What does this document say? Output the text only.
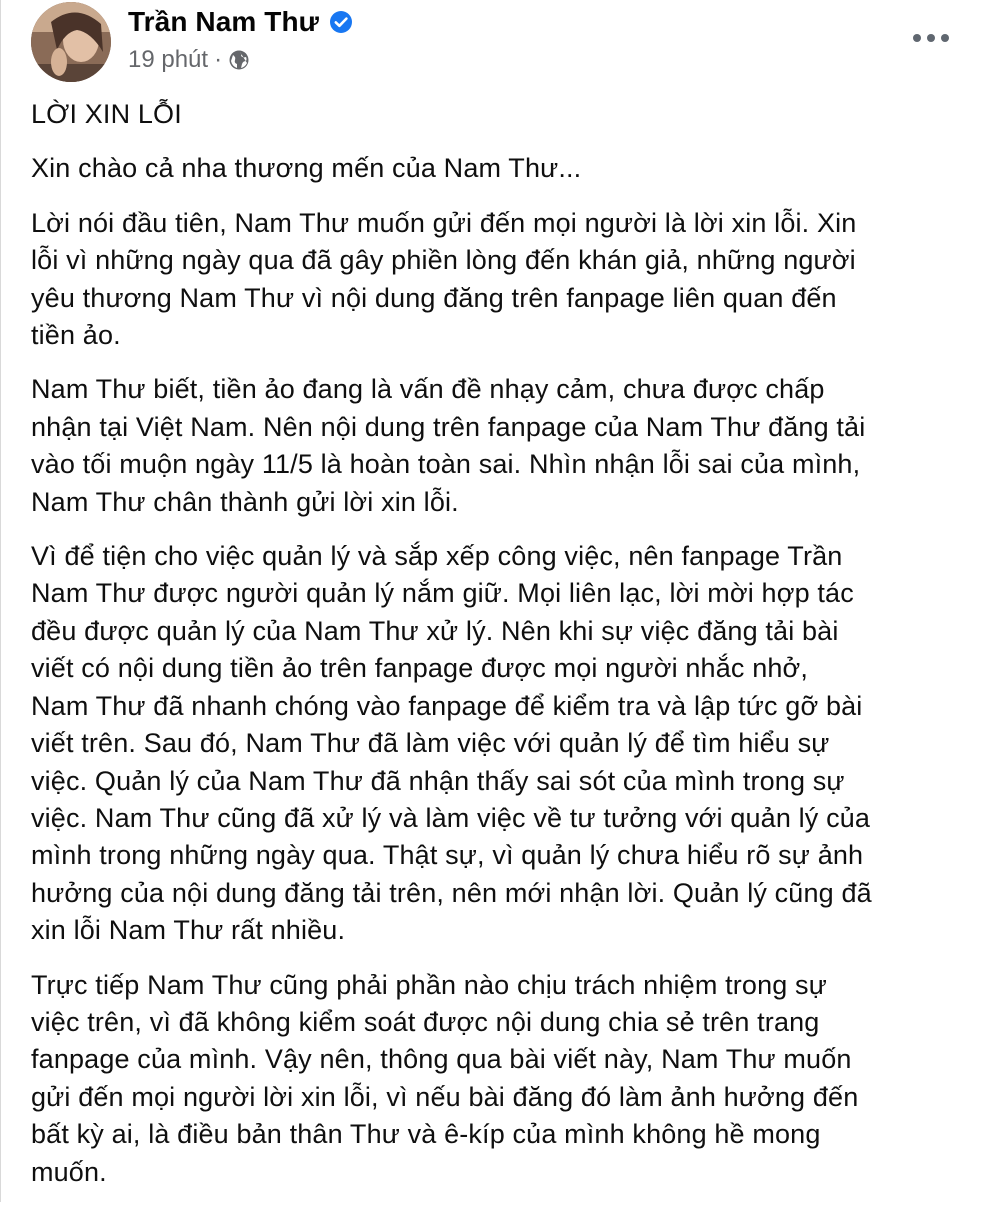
Trần Nam Thư
19 phút ·
LỜI XIN LỖI
Xin chào cả nha thương mến của Nam Thư...
Lời nói đầu tiên, Nam Thư muốn gửi đến mọi người là lời xin lỗi. Xin
lỗi vì những ngày qua đã gây phiền lòng đến khán giả, những người
yêu thương Nam Thư vì nội dung đăng trên fanpage liên quan đến
tiền ảo.
Nam Thư biết, tiền ảo đang là vấn đề nhạy cảm, chưa được chấp
nhận tại Việt Nam. Nên nội dung trên fanpage của Nam Thư đăng tải
vào tối muộn ngày 11/5 là hoàn toàn sai. Nhìn nhận lỗi sai của mình,
Nam Thư chân thành gửi lời xin lỗi.
Vì để tiện cho việc quản lý và sắp xếp công việc, nên fanpage Trần
Nam Thư được người quản lý nắm giữ. Mọi liên lạc, lời mời hợp tác
đều được quản lý của Nam Thư xử lý. Nên khi sự việc đăng tải bài
viết có nội dung tiền ảo trên fanpage được mọi người nhắc nhở,
Nam Thư đã nhanh chóng vào fanpage để kiểm tra và lập tức gỡ bài
viết trên. Sau đó, Nam Thư đã làm việc với quản lý để tìm hiểu sự
việc. Quản lý của Nam Thư đã nhận thấy sai sót của mình trong sự
việc. Nam Thư cũng đã xử lý và làm việc về tư tưởng với quản lý của
mình trong những ngày qua. Thật sự, vì quản lý chưa hiểu rõ sự ảnh
hưởng của nội dung đăng tải trên, nên mới nhận lời. Quản lý cũng đã
xin lỗi Nam Thư rất nhiều.
Trực tiếp Nam Thư cũng phải phần nào chịu trách nhiệm trong sự
việc trên, vì đã không kiểm soát được nội dung chia sẻ trên trang
fanpage của mình. Vậy nên, thông qua bài viết này, Nam Thư muốn
gửi đến mọi người lời xin lỗi, vì nếu bài đăng đó làm ảnh hưởng đến
bất kỳ ai, là điều bản thân Thư và ê-kíp của mình không hề mong
muốn.
